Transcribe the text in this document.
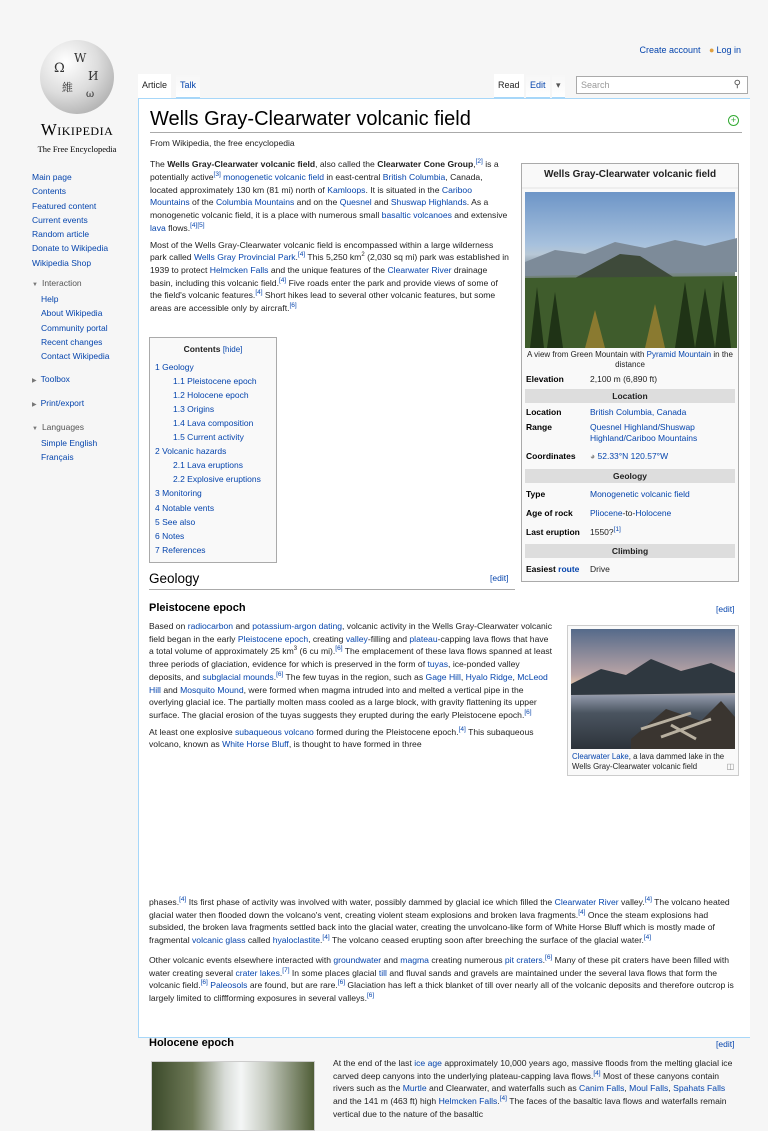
Create account ● Log in
Ω
W
И
維
ω
Wikipedia
The Free Encyclopedia
Main page
Contents
Featured content
Current events
Random article
Donate to Wikipedia
Wikipedia Shop
▼ Interaction
Help
About Wikipedia
Community portal
Recent changes
Contact Wikipedia
▶ Toolbox
▶ Print/export
▼ Languages
Simple English
Français
Article	Talk	Read	Edit	▾	Search	⚲
Wells Gray-Clearwater volcanic field	+
From Wikipedia, the free encyclopedia

The Wells Gray-Clearwater volcanic field, also called the Clearwater Cone Group,[2] is a potentially active[3] monogenetic volcanic field in east-central British Columbia, Canada, located approximately 130 km (81 mi) north of Kamloops. It is situated in the Cariboo Mountains of the Columbia Mountains and on the Quesnel and Shuswap Highlands. As a monogenetic volcanic field, it is a place with numerous small basaltic volcanoes and extensive lava flows.[4][5]

Most of the Wells Gray-Clearwater volcanic field is encompassed within a large wilderness park called Wells Gray Provincial Park.[4] This 5,250 $km^2$ (2,030 sq mi) park was established in 1939 to protect Helmcken Falls and the unique features of the Clearwater River drainage basin, including this volcanic field.[4] Five roads enter the park and provide views of some of the field's volcanic features.[4] Short hikes lead to several other volcanic features, but some areas are accessible only by aircraft.[6]

Wells Gray-Clearwater volcanic field
A view from Green Mountain with Pyramid Mountain in the distance
Elevation	2,100 m (6,890 ft)
Location
Location	British Columbia, Canada
Range	Quesnel Highland/Shuswap Highland/Cariboo Mountains
Coordinates	◕ 52.33°N 120.57°W
Geology
Type	Monogenetic volcanic field
Age of rock	Pliocene-to-Holocene
Last eruption	1550?[1]
Climbing
Easiest route	Drive
Contents [hide]
1 Geology
1.1 Pleistocene epoch
1.2 Holocene epoch
1.3 Origins
1.4 Lava composition
1.5 Current activity
2 Volcanic hazards
2.1 Lava eruptions
2.2 Explosive eruptions
3 Monitoring
4 Notable vents
5 See also
6 Notes
7 References
Geology	[edit]
Pleistocene epoch	[edit]
Clearwater Lake, a lava dammed lake in the Wells Gray-Clearwater volcanic field	◫

Based on radiocarbon and potassium-argon dating, volcanic activity in the Wells Gray-Clearwater volcanic field began in the early Pleistocene epoch, creating valley-filling and plateau-capping lava flows that have a total volume of approximately 25 $km^3$ (6 cu mi).[6] The emplacement of these lava flows spanned at least three periods of glaciation, evidence for which is preserved in the form of tuyas, ice-ponded valley deposits, and subglacial mounds.[6] The few tuyas in the region, such as Gage Hill, Hyalo Ridge, McLeod Hill and Mosquito Mound, were formed when magma intruded into and melted a vertical pipe in the overlying glacial ice. The partially molten mass cooled as a large block, with gravity flattening its upper surface. The glacial erosion of the tuyas suggests they erupted during the early Pleistocene epoch.[6]

At least one explosive subaqueous volcano formed during the Pleistocene epoch.[4] This subaqueous volcano, known as White Horse Bluff, is thought to have formed in three

phases.[4] Its first phase of activity was involved with water, possibly dammed by glacial ice which filled the Clearwater River valley.[4] The volcano heated glacial water then flooded down the volcano's vent, creating violent steam explosions and broken lava fragments.[4] Once the steam explosions had subsided, the broken lava fragments settled back into the glacial water, creating the unvolcano-like form of White Horse Bluff which is mostly made of fragmental volcanic glass called hyaloclastite.[4] The volcano ceased erupting soon after breeching the surface of the glacial water.[4]

Other volcanic events elsewhere interacted with groundwater and magma creating numerous pit craters.[6] Many of these pit craters have been filled with water creating several crater lakes.[7] In some places glacial till and fluval sands and gravels are maintained under the several lava flows that form the volcanic field.[6] Paleosols are found, but are rare.[6] Glaciation has left a thick blanket of till over nearly all of the volcanic deposits and therefore outcrop is largely limited to cliffforming exposures in several valleys.[6]

Holocene epoch	[edit]

At the end of the last ice age approximately 10,000 years ago, massive floods from the melting glacial ice carved deep canyons into the underlying plateau-capping lava flows.[4] Most of these canyons contain rivers such as the Murtle and Clearwater, and waterfalls such as Canim Falls, Moul Falls, Spahats Falls and the 141 m (463 ft) high Helmcken Falls.[4] The faces of the basaltic lava flows and waterfalls remain vertical due to the nature of the basaltic
